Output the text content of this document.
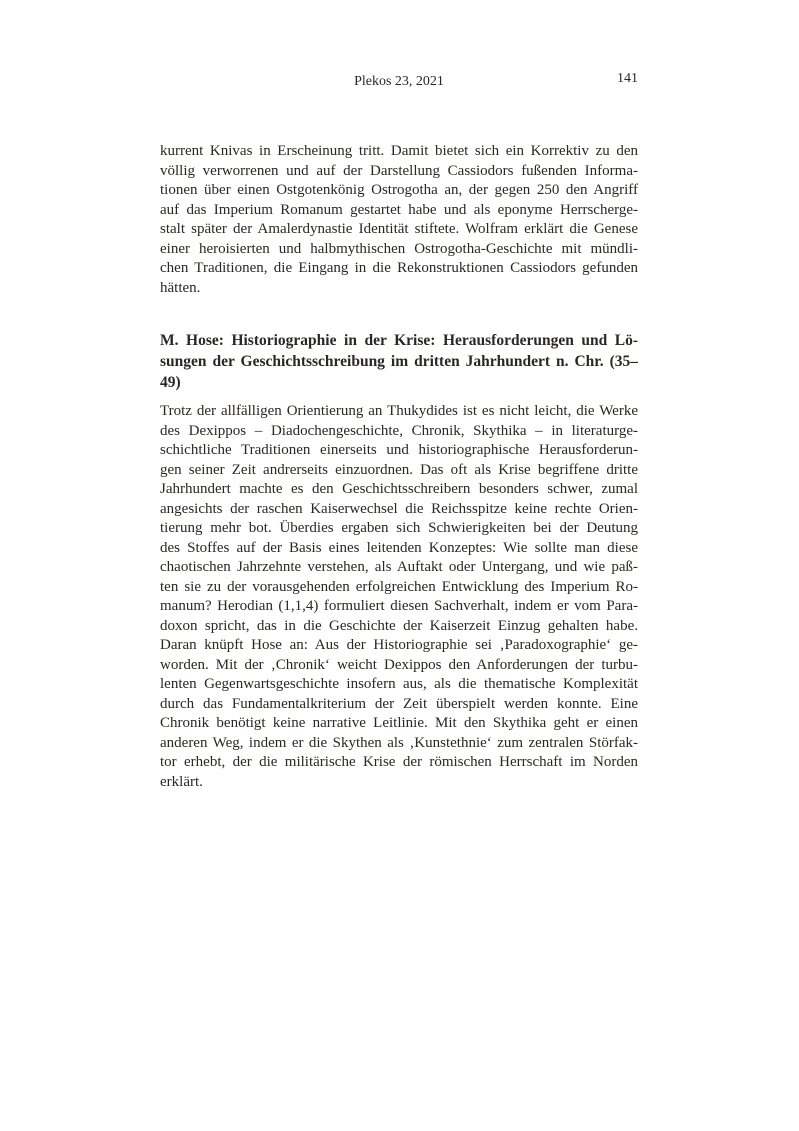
Plekos 23, 2021	141
kurrent Knivas in Erscheinung tritt. Damit bietet sich ein Korrektiv zu den
völlig verworrenen und auf der Darstellung Cassiodors fußenden Informa-
tionen über einen Ostgotenkönig Ostrogotha an, der gegen 250 den Angriff
auf das Imperium Romanum gestartet habe und als eponyme Herrscherge-
stalt später der Amalerdynastie Identität stiftete. Wolfram erklärt die Genese
einer heroisierten und halbmythischen Ostrogotha-Geschichte mit mündli-
chen Traditionen, die Eingang in die Rekonstruktionen Cassiodors gefunden
hätten.
M. Hose: Historiographie in der Krise: Herausforderungen und Lö-
sungen der Geschichtsschreibung im dritten Jahrhundert n. Chr. (35–
49)
Trotz der allfälligen Orientierung an Thukydides ist es nicht leicht, die Werke
des Dexippos – Diadochengeschichte, Chronik, Skythika – in literaturge-
schichtliche Traditionen einerseits und historiographische Herausforderun-
gen seiner Zeit andrerseits einzuordnen. Das oft als Krise begriffene dritte
Jahrhundert machte es den Geschichtsschreibern besonders schwer, zumal
angesichts der raschen Kaiserwechsel die Reichsspitze keine rechte Orien-
tierung mehr bot. Überdies ergaben sich Schwierigkeiten bei der Deutung
des Stoffes auf der Basis eines leitenden Konzeptes: Wie sollte man diese
chaotischen Jahrzehnte verstehen, als Auftakt oder Untergang, und wie paß-
ten sie zu der vorausgehenden erfolgreichen Entwicklung des Imperium Ro-
manum? Herodian (1,1,4) formuliert diesen Sachverhalt, indem er vom Para-
doxon spricht, das in die Geschichte der Kaiserzeit Einzug gehalten habe.
Daran knüpft Hose an: Aus der Historiographie sei ‚Paradoxographie‘ ge-
worden. Mit der ‚Chronik‘ weicht Dexippos den Anforderungen der turbu-
lenten Gegenwartsgeschichte insofern aus, als die thematische Komplexität
durch das Fundamentalkriterium der Zeit überspielt werden konnte. Eine
Chronik benötigt keine narrative Leitlinie. Mit den Skythika geht er einen
anderen Weg, indem er die Skythen als ‚Kunstethnie‘ zum zentralen Störfak-
tor erhebt, der die militärische Krise der römischen Herrschaft im Norden
erklärt.
